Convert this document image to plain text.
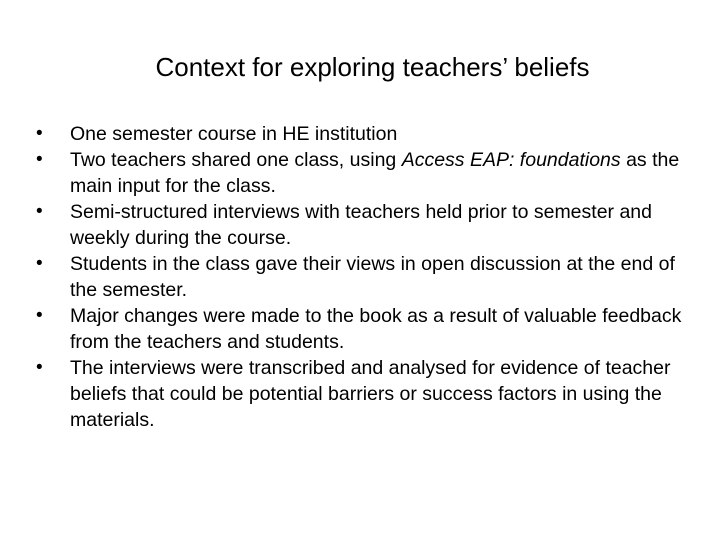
Context for exploring teachers’ beliefs
•	One semester course in HE institution
•	Two teachers shared one class, using Access EAP: foundations as the main input for the class.
•	Semi-structured interviews with teachers held prior to semester and weekly during the course.
•	Students in the class gave their views in open discussion at the end of the semester.
•	Major changes were made to the book as a result of valuable feedback from the teachers and students.
•	The interviews were transcribed and analysed for evidence of teacher beliefs that could be potential barriers or success factors in using the materials.
